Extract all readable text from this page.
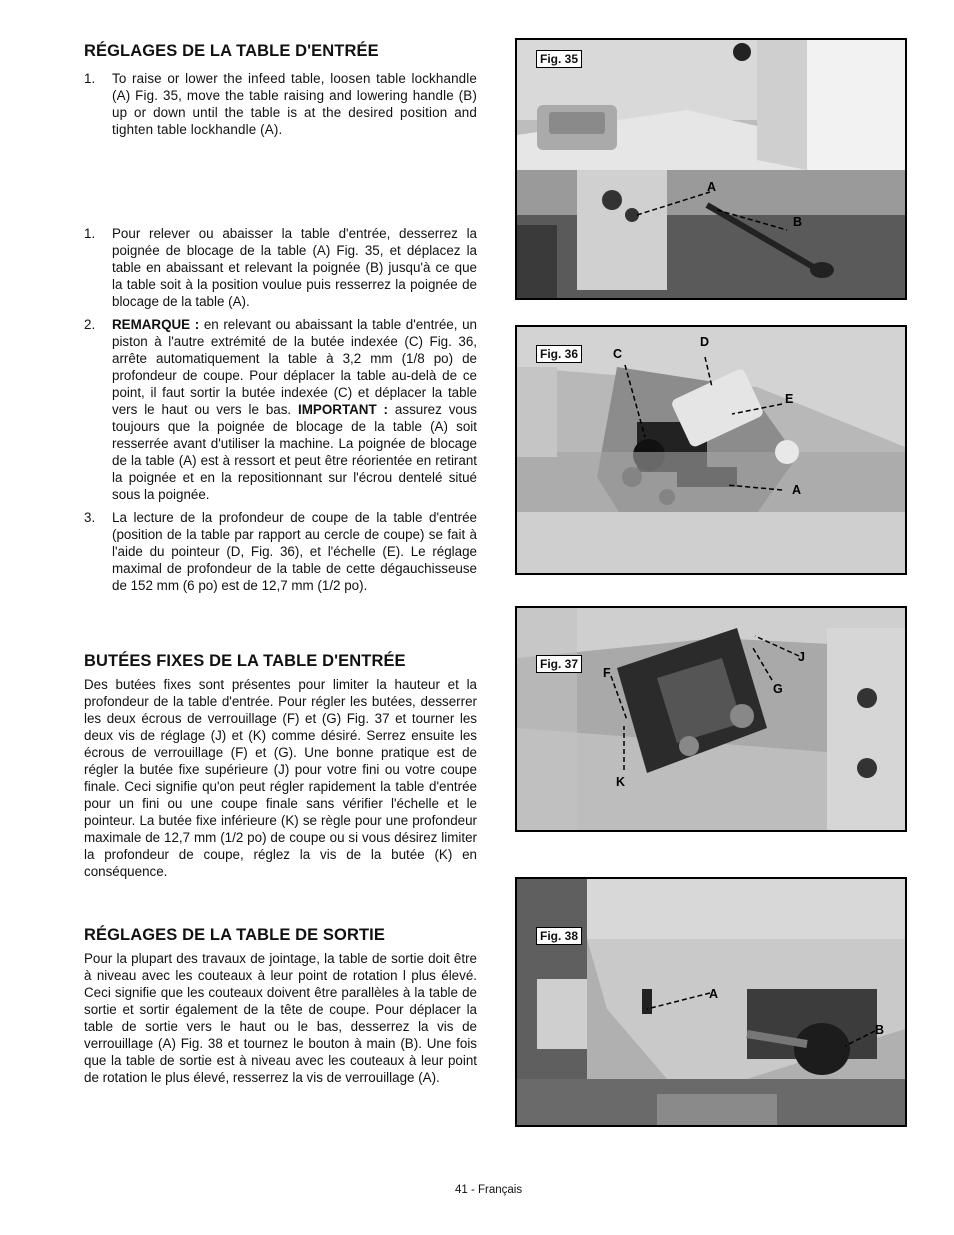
RÉGLAGES DE LA TABLE D'ENTRÉE
1. To raise or lower the infeed table, loosen table lockhandle (A) Fig. 35, move the table raising and lowering handle (B) up or down until the table is at the desired position and tighten table lockhandle (A).
1. Pour relever ou abaisser la table d'entrée, desserrez la poignée de blocage de la table (A) Fig. 35, et déplacez la table en abaissant et relevant la poignée (B) jusqu'à ce que la table soit à la position voulue puis resserrez la poignée de blocage de la table (A).
2. REMARQUE : en relevant ou abaissant la table d'entrée, un piston à l'autre extrémité de la butée indexée (C) Fig. 36, arrête automatiquement la table à 3,2 mm (1/8 po) de profondeur de coupe. Pour déplacer la table au-delà de ce point, il faut sortir la butée indexée (C) et déplacer la table vers le haut ou vers le bas. IMPORTANT : assurez vous toujours que la poignée de blocage de la table (A) soit resserrée avant d'utiliser la machine. La poignée de blocage de la table (A) est à ressort et peut être réorientée en retirant la poignée et en la repositionnant sur l'écrou dentelé situé sous la poignée.
3. La lecture de la profondeur de coupe de la table d'entrée (position de la table par rapport au cercle de coupe) se fait à l'aide du pointeur (D, Fig. 36), et l'échelle (E). Le réglage maximal de profondeur de la table de cette dégauchisseuse de 152 mm (6 po) est de 12,7 mm (1/2 po).
BUTÉES FIXES DE LA TABLE D'ENTRÉE

Des butées fixes sont présentes pour limiter la hauteur et la profondeur de la table d'entrée. Pour régler les butées, desserrer les deux écrous de verrouillage (F) et (G) Fig. 37 et tourner les deux vis de réglage (J) et (K) comme désiré. Serrez ensuite les écrous de verrouillage (F) et (G). Une bonne pratique est de régler la butée fixe supérieure (J) pour votre fini ou votre coupe finale. Ceci signifie qu'on peut régler rapidement la table d'entrée pour un fini ou une coupe finale sans vérifier l'échelle et le pointeur. La butée fixe inférieure (K) se règle pour une profondeur maximale de 12,7 mm (1/2 po) de coupe ou si vous désirez limiter la profondeur de coupe, réglez la vis de la butée (K) en conséquence.

RÉGLAGES DE LA TABLE DE SORTIE

Pour la plupart des travaux de jointage, la table de sortie doit être à niveau avec les couteaux à leur point de rotation l plus élevé. Ceci signifie que les couteaux doivent être parallèles à la table de sortie et sortir également de la tête de coupe. Pour déplacer la table de sortie vers le haut ou le bas, desserrez la vis de verrouillage (A) Fig. 38 et tournez le bouton à main (B). Une fois que la table de sortie est à niveau avec les couteaux à leur point de rotation le plus élevé, resserrez la vis de verrouillage (A).

Fig. 35
A
B
Fig. 36	C
D
E
A
Fig. 37
F
J
G
K
Fig. 38
A
B
41 - Français
